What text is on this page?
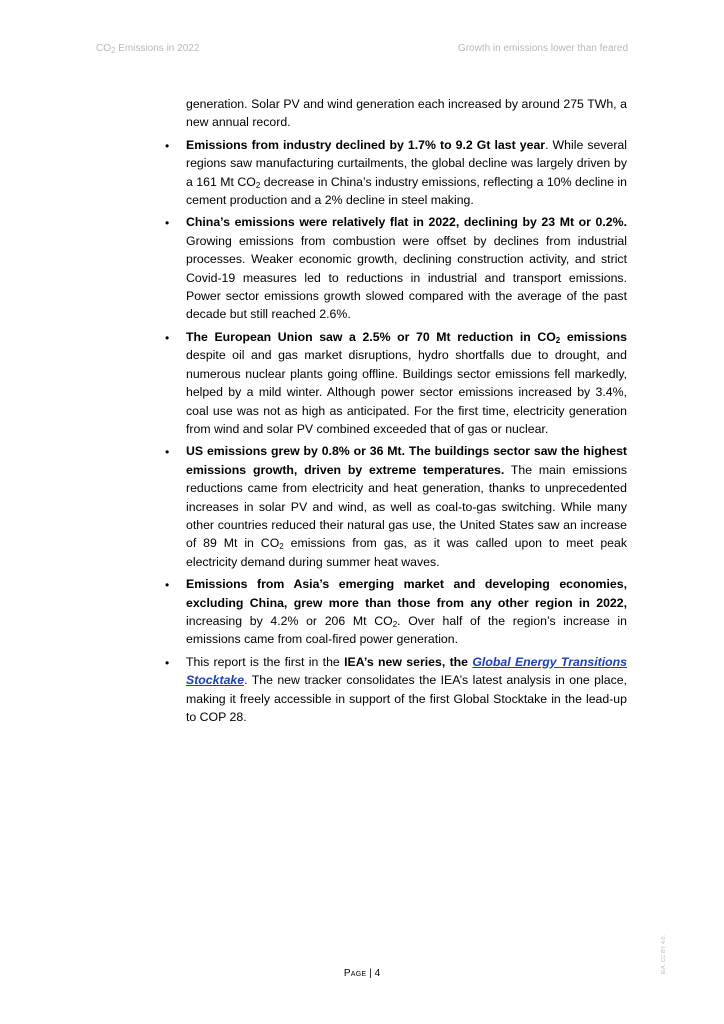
$CO_2$ Emissions in 2022	Growth in emissions lower than feared

generation. Solar PV and wind generation each increased by around 275 TWh, a new annual record.

• Emissions from industry declined by 1.7% to 9.2 Gt last year. While several regions saw manufacturing curtailments, the global decline was largely driven by a 161 Mt $CO_2$ decrease in China’s industry emissions, reflecting a 10% decline in cement production and a 2% decline in steel making.
• China’s emissions were relatively flat in 2022, declining by 23 Mt or 0.2%. Growing emissions from combustion were offset by declines from industrial processes. Weaker economic growth, declining construction activity, and strict Covid-19 measures led to reductions in industrial and transport emissions. Power sector emissions growth slowed compared with the average of the past decade but still reached 2.6%.
• The European Union saw a 2.5% or 70 Mt reduction in $CO_2$ emissions despite oil and gas market disruptions, hydro shortfalls due to drought, and numerous nuclear plants going offline. Buildings sector emissions fell markedly, helped by a mild winter. Although power sector emissions increased by 3.4%, coal use was not as high as anticipated. For the first time, electricity generation from wind and solar PV combined exceeded that of gas or nuclear.
• US emissions grew by 0.8% or 36 Mt. The buildings sector saw the highest emissions growth, driven by extreme temperatures. The main emissions reductions came from electricity and heat generation, thanks to unprecedented increases in solar PV and wind, as well as coal-to-gas switching. While many other countries reduced their natural gas use, the United States saw an increase of 89 Mt in $CO_2$ emissions from gas, as it was called upon to meet peak electricity demand during summer heat waves.
• Emissions from Asia’s emerging market and developing economies, excluding China, grew more than those from any other region in 2022, increasing by 4.2% or 206 Mt $CO_2$. Over half of the region’s increase in emissions came from coal-fired power generation.
• This report is the first in the IEA’s new series, the Global Energy Transitions Stocktake. The new tracker consolidates the IEA’s latest analysis in one place, making it freely accessible in support of the first Global Stocktake in the lead-up to COP 28.
Page | 4	IEA. CC BY 4.0.
